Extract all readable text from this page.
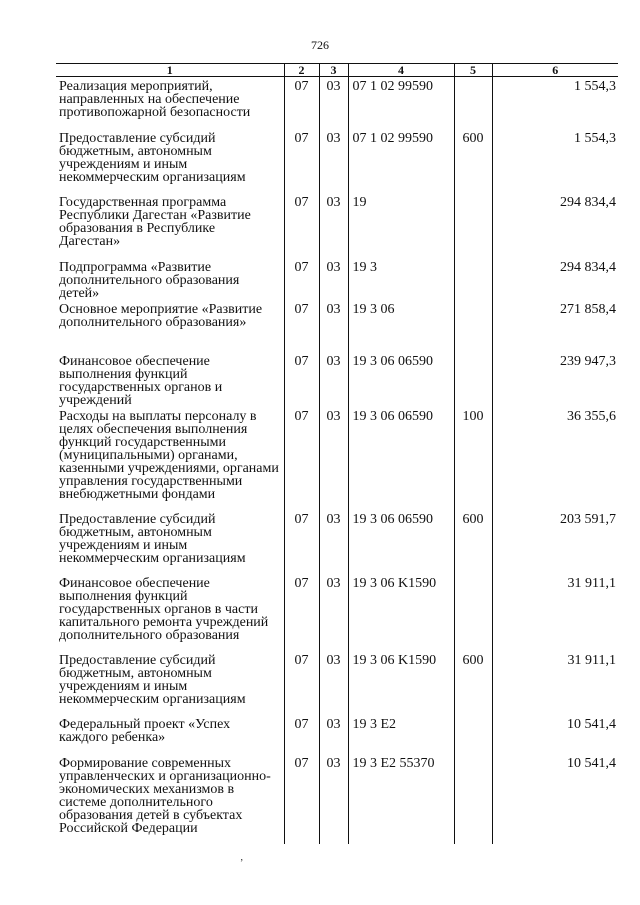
726
1	2	3	4	5	6
Реализация мероприятий, направленных на обеспечение противопожарной безопасности	07	03	07 1 02 99590		1 554,3
Предоставление субсидий бюджетным, автономным учреждениям и иным некоммерческим организациям	07	03	07 1 02 99590	600	1 554,3
Государственная программа Республики Дагестан «Развитие образования в Республике Дагестан»	07	03	19		294 834,4
Подпрограмма «Развитие дополнительного образования детей»	07	03	19 3		294 834,4
Основное мероприятие «Развитие дополнительного образования»	07	03	19 3 06		271 858,4
Финансовое обеспечение выполнения функций государственных органов и учреждений	07	03	19 3 06 06590		239 947,3
Расходы на выплаты персоналу в целях обеспечения выполнения функций государственными (муниципальными) органами, казенными учреждениями, органами управления государственными внебюджетными фондами	07	03	19 3 06 06590	100	36 355,6
Предоставление субсидий бюджетным, автономным учреждениям и иным некоммерческим организациям	07	03	19 3 06 06590	600	203 591,7
Финансовое обеспечение выполнения функций государственных органов в части капитального ремонта учреждений дополнительного образования	07	03	19 3 06 K1590		31 911,1
Предоставление субсидий бюджетным, автономным учреждениям и иным некоммерческим организациям	07	03	19 3 06 K1590	600	31 911,1
Федеральный проект «Успех каждого ребенка»	07	03	19 3 E2		10 541,4
Формирование современных управленческих и организационно-экономических механизмов в системе дополнительного образования детей в субъектах Российской Федерации	07	03	19 3 E2 55370		10 541,4
ʼ
